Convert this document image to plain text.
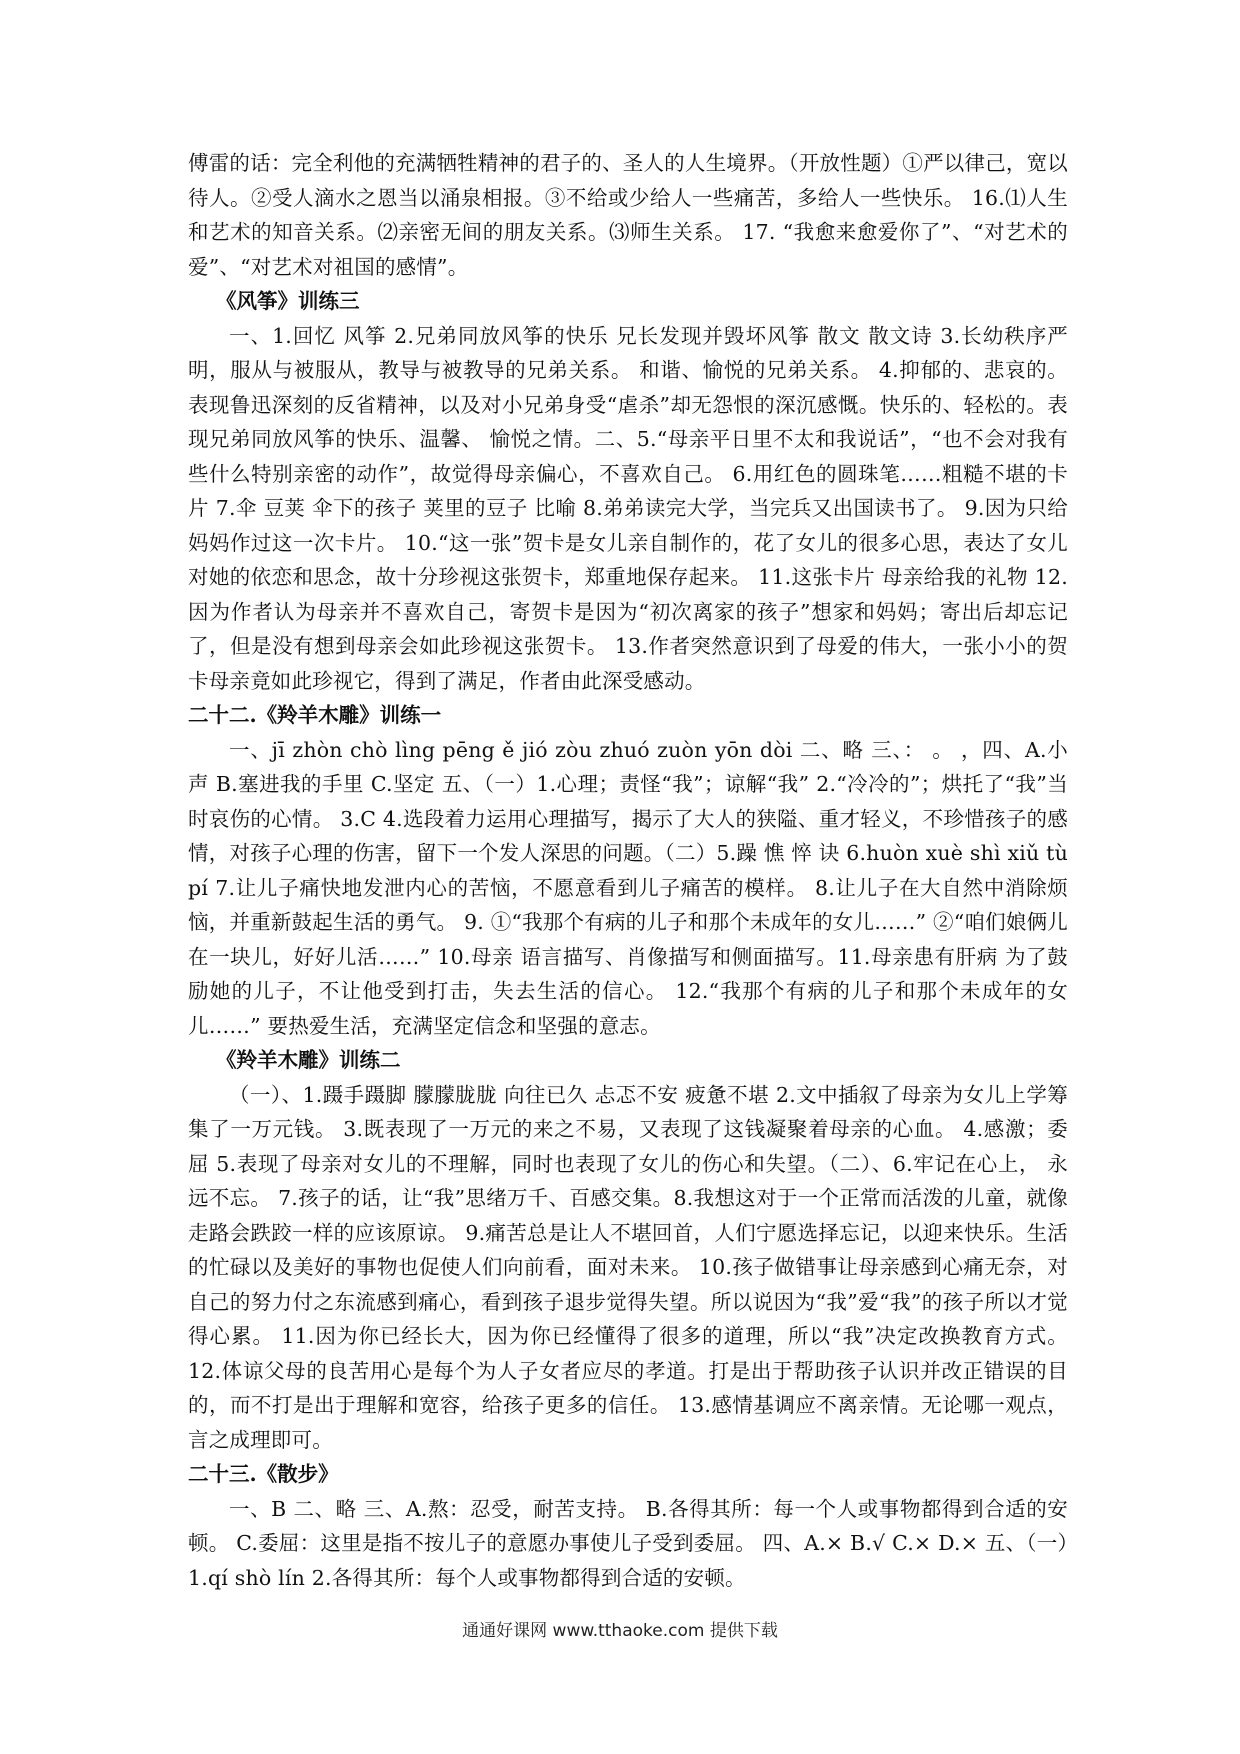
傅雷的话：完全利他的充满牺牲精神的君子的、圣人的人生境界。（开放性题）①严以律己，宽以待人。②受人滴水之恩当以涌泉相报。③不给或少给人一些痛苦，多给人一些快乐。 16.⑴人生和艺术的知音关系。⑵亲密无间的朋友关系。⑶师生关系。 17. “我愈来愈爱你了”、“对艺术的爱”、“对艺术对祖国的感情”。

《风筝》训练三

一、1.回忆 风筝 2.兄弟同放风筝的快乐 兄长发现并毁坏风筝 散文 散文诗 3.长幼秩序严明，服从与被服从，教导与被教导的兄弟关系。 和谐、愉悦的兄弟关系。 4.抑郁的、悲哀的。表现鲁迅深刻的反省精神，以及对小兄弟身受“虐杀”却无怨恨的深沉感慨。快乐的、轻松的。表现兄弟同放风筝的快乐、温馨、 愉悦之情。二、5.“母亲平日里不太和我说话”，“也不会对我有些什么特别亲密的动作”，故觉得母亲偏心，不喜欢自己。 6.用红色的圆珠笔……粗糙不堪的卡片 7.伞 豆荚 伞下的孩子 荚里的豆子 比喻 8.弟弟读完大学，当完兵又出国读书了。 9.因为只给妈妈作过这一次卡片。 10.“这一张”贺卡是女儿亲自制作的，花了女儿的很多心思，表达了女儿对她的依恋和思念，故十分珍视这张贺卡，郑重地保存起来。 11.这张卡片 母亲给我的礼物 12.因为作者认为母亲并不喜欢自己，寄贺卡是因为“初次离家的孩子”想家和妈妈；寄出后却忘记了，但是没有想到母亲会如此珍视这张贺卡。 13.作者突然意识到了母爱的伟大，一张小小的贺卡母亲竟如此珍视它，得到了满足，作者由此深受感动。

二十二.《羚羊木雕》训练一

一、jī zhòn chò lìng pēng ě jió zòu zhuó zuòn yōn dòi 二、略 三、： 。 ，四、A.小声 B.塞进我的手里 C.坚定 五、（一）1.心理；责怪“我”；谅解“我” 2.“冷冷的”；烘托了“我”当时哀伤的心情。 3.C 4.选段着力运用心理描写，揭示了大人的狭隘、重才轻义，不珍惜孩子的感情，对孩子心理的伤害，留下一个发人深思的问题。（二）5.躁 憔 悴 诀 6.huòn xuè shì xiǔ tù pí 7.让儿子痛快地发泄内心的苦恼，不愿意看到儿子痛苦的模样。 8.让儿子在大自然中消除烦恼，并重新鼓起生活的勇气。 9. ①“我那个有病的儿子和那个未成年的女儿……” ②“咱们娘俩儿在一块儿，好好儿活……” 10.母亲 语言描写、肖像描写和侧面描写。11.母亲患有肝病 为了鼓励她的儿子，不让他受到打击，失去生活的信心。 12.“我那个有病的儿子和那个未成年的女儿……” 要热爱生活，充满坚定信念和坚强的意志。

《羚羊木雕》训练二

（一）、1.蹑手蹑脚 朦朦胧胧 向往已久 忐忑不安 疲惫不堪 2.文中插叙了母亲为女儿上学筹集了一万元钱。 3.既表现了一万元的来之不易，又表现了这钱凝聚着母亲的心血。 4.感激；委屈 5.表现了母亲对女儿的不理解，同时也表现了女儿的伤心和失望。（二）、6.牢记在心上， 永远不忘。 7.孩子的话，让“我”思绪万千、百感交集。8.我想这对于一个正常而活泼的儿童，就像走路会跌跤一样的应该原谅。 9.痛苦总是让人不堪回首，人们宁愿选择忘记，以迎来快乐。生活的忙碌以及美好的事物也促使人们向前看，面对未来。 10.孩子做错事让母亲感到心痛无奈，对自己的努力付之东流感到痛心，看到孩子退步觉得失望。所以说因为“我”爱“我”的孩子所以才觉得心累。 11.因为你已经长大，因为你已经懂得了很多的道理，所以“我”决定改换教育方式。 12.体谅父母的良苦用心是每个为人子女者应尽的孝道。打是出于帮助孩子认识并改正错误的目的，而不打是出于理解和宽容，给孩子更多的信任。 13.感情基调应不离亲情。无论哪一观点，言之成理即可。

二十三.《散步》

一、B 二、略 三、A.熬：忍受，耐苦支持。 B.各得其所：每一个人或事物都得到合适的安顿。 C.委屈：这里是指不按儿子的意愿办事使儿子受到委屈。 四、A.× B.√ C.× D.× 五、（一）1.qí shò lín 2.各得其所：每个人或事物都得到合适的安顿。

通通好课网 www.tthaoke.com 提供下载
